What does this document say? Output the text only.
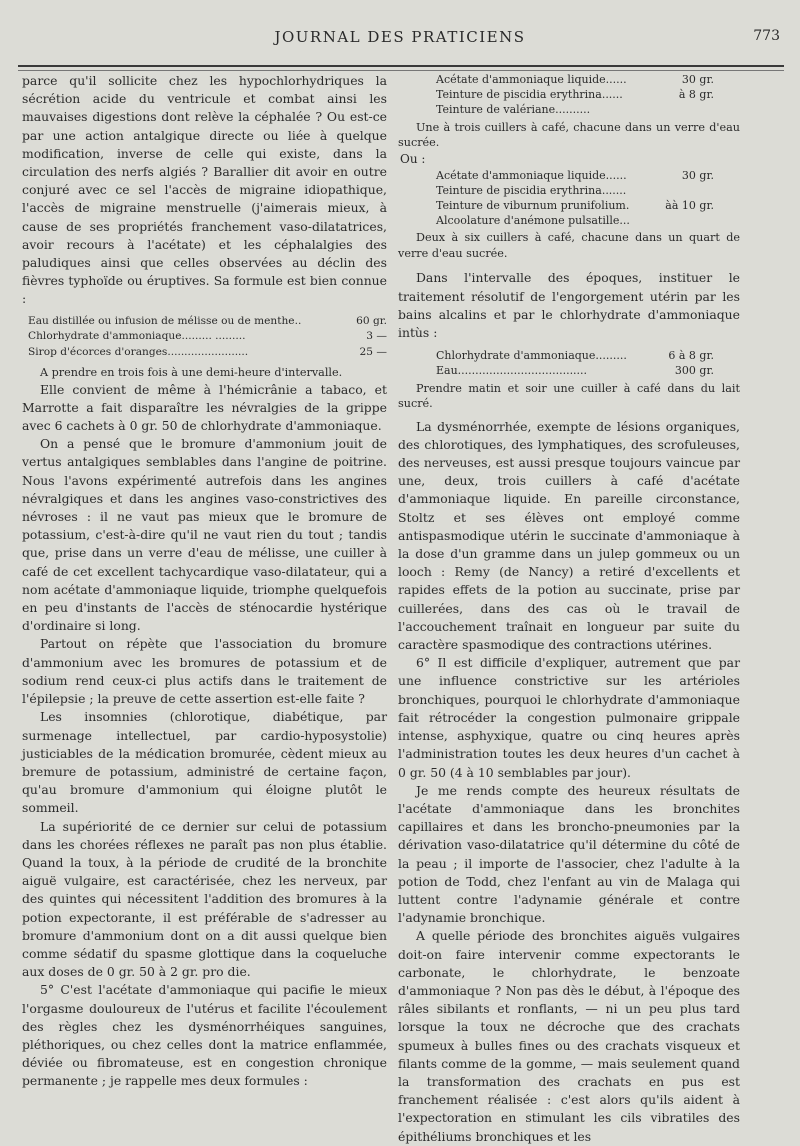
JOURNAL DES PRATICIENS	773

parce qu'il sollicite chez les hypochlorhydriques la sécrétion acide du ventricule et combat ainsi les mauvaises digestions dont relève la céphalée ? Ou est-ce par une action antalgique directe ou liée à quelque modification, inverse de celle qui existe, dans la circulation des nerfs algiés ? Barallier dit avoir en outre conjuré avec ce sel l'accès de migraine idiopathique, l'accès de migraine menstruelle (j'aimerais mieux, à cause de ses propriétés franchement vaso-dilatatrices, avoir recours à l'acétate) et les céphalalgies des paludiques ainsi que celles observées au déclin des fièvres typhoïde ou éruptives. Sa formule est bien connue :

Eau distillée ou infusion de mélisse ou de menthe..	60 gr.
Chlorhydrate d'ammoniaque......... .........	3 —
Sirop d'écorces d'oranges........................	25 —

A prendre en trois fois à une demi-heure d'intervalle.

Elle convient de même à l'hémicrânie a tabaco, et Marrotte a fait disparaître les névralgies de la grippe avec 6 cachets à 0 gr. 50 de chlorhydrate d'ammoniaque.

On a pensé que le bromure d'ammonium jouit de vertus antalgiques semblables dans l'angine de poitrine. Nous l'avons expérimenté autrefois dans les angines névralgiques et dans les angines vaso-constrictives des névroses : il ne vaut pas mieux que le bromure de potassium, c'est-à-dire qu'il ne vaut rien du tout ; tandis que, prise dans un verre d'eau de mélisse, une cuiller à café de cet excellent tachycardique vaso-dilatateur, qui a nom acétate d'ammoniaque liquide, triomphe quelquefois en peu d'instants de l'accès de sténocardie hystérique d'ordinaire si long.

Partout on répète que l'association du bromure d'ammonium avec les bromures de potassium et de sodium rend ceux-ci plus actifs dans le traitement de l'épilepsie ; la preuve de cette assertion est-elle faite ?

Les insomnies (chlorotique, diabétique, par surmenage intellectuel, par cardio-hyposystolie) justiciables de la médication bromurée, cèdent mieux au bremure de potassium, administré de certaine façon, qu'au bromure d'ammonium qui éloigne plutôt le sommeil.

La supériorité de ce dernier sur celui de potassium dans les chorées réflexes ne paraît pas non plus établie. Quand la toux, à la période de crudité de la bronchite aiguë vulgaire, est caractérisée, chez les nerveux, par des quintes qui nécessitent l'addition des bromures à la potion expectorante, il est préférable de s'adresser au bromure d'ammonium dont on a dit aussi quelque bien comme sédatif du spasme glottique dans la coqueluche aux doses de 0 gr. 50 à 2 gr. pro die.

5° C'est l'acétate d'ammoniaque qui pacifie le mieux l'orgasme douloureux de l'utérus et facilite l'écoulement des règles chez les dysménorrhéiques sanguines, pléthoriques, ou chez celles dont la matrice enflammée, déviée ou fibromateuse, est en congestion chronique permanente ; je rappelle mes deux formules :

Acétate d'ammoniaque liquide......	30 gr.
Teinture de piscidia erythrina......	à 8 gr.
Teinture de valériane..........

Une à trois cuillers à café, chacune dans un verre d'eau sucrée.

Ou :
Acétate d'ammoniaque liquide......	30 gr.
Teinture de piscidia erythrina.......
Teinture de viburnum prunifolium.	àà 10 gr.
Alcoolature d'anémone pulsatille...

Deux à six cuillers à café, chacune dans un quart de verre d'eau sucrée.

Dans l'intervalle des époques, instituer le traitement résolutif de l'engorgement utérin par les bains alcalins et par le chlorhydrate d'ammoniaque intùs :

Chlorhydrate d'ammoniaque.........	6 à 8 gr.
Eau.....................................	300 gr.

Prendre matin et soir une cuiller à café dans du lait sucré.

La dysménorrhée, exempte de lésions organiques, des chlorotiques, des lymphatiques, des scrofuleuses, des nerveuses, est aussi presque toujours vaincue par une, deux, trois cuillers à café d'acétate d'ammoniaque liquide. En pareille circonstance, Stoltz et ses élèves ont employé comme antispasmodique utérin le succinate d'ammoniaque à la dose d'un gramme dans un julep gommeux ou un looch : Remy (de Nancy) a retiré d'excellents et rapides effets de la potion au succinate, prise par cuillerées, dans des cas où le travail de l'accouchement traînait en longueur par suite du caractère spasmodique des contractions utérines.

6° Il est difficile d'expliquer, autrement que par une influence constrictive sur les artérioles bronchiques, pourquoi le chlorhydrate d'ammoniaque fait rétrocéder la congestion pulmonaire grippale intense, asphyxique, quatre ou cinq heures après l'administration toutes les deux heures d'un cachet à 0 gr. 50 (4 à 10 semblables par jour).

Je me rends compte des heureux résultats de l'acétate d'ammoniaque dans les bronchites capillaires et dans les broncho-pneumonies par la dérivation vaso-dilatatrice qu'il détermine du côté de la peau ; il importe de l'associer, chez l'adulte à la potion de Todd, chez l'enfant au vin de Malaga qui luttent contre l'adynamie générale et contre l'adynamie bronchique.

A quelle période des bronchites aiguës vulgaires doit-on faire intervenir comme expectorants le carbonate, le chlorhydrate, le benzoate d'ammoniaque ? Non pas dès le début, à l'époque des râles sibilants et ronflants, — ni un peu plus tard lorsque la toux ne décroche que des crachats spumeux à bulles fines ou des crachats visqueux et filants comme de la gomme, — mais seulement quand la transformation des crachats en pus est franchement réalisée : c'est alors qu'ils aident à l'expectoration en stimulant les cils vibratiles des épithéliums bronchiques et les
